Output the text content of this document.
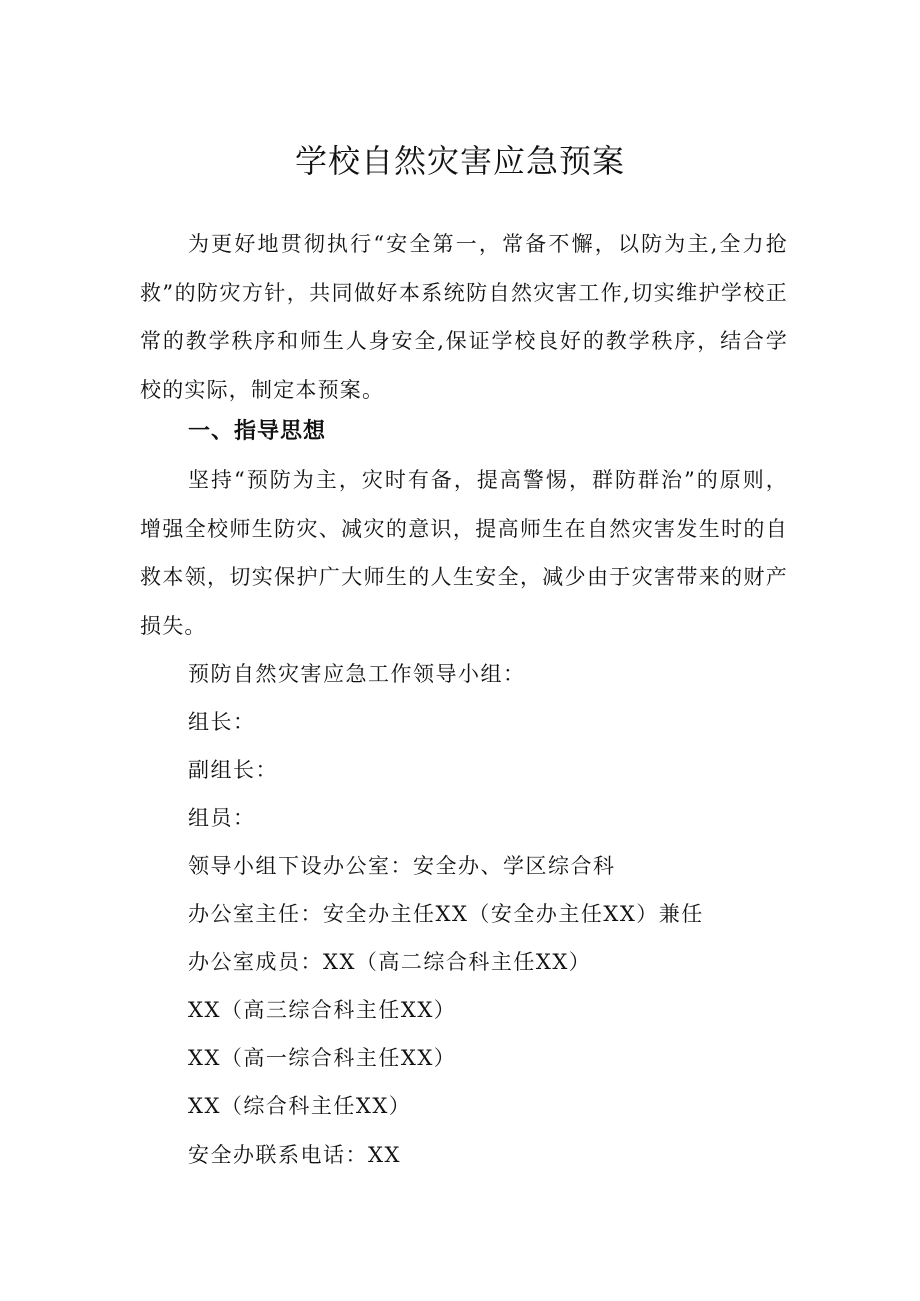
学校自然灾害应急预案

为更好地贯彻执行“安全第一，常备不懈，以防为主,全力抢救”的防灾方针，共同做好本系统防自然灾害工作,切实维护学校正常的教学秩序和师生人身安全,保证学校良好的教学秩序，结合学校的实际，制定本预案。

一、指导思想

坚持“预防为主，灾时有备，提高警惕，群防群治”的原则，增强全校师生防灾、减灾的意识，提高师生在自然灾害发生时的自救本领，切实保护广大师生的人生安全，减少由于灾害带来的财产损失。

预防自然灾害应急工作领导小组：
组长：
副组长：
组员：
领导小组下设办公室：安全办、学区综合科
办公室主任：安全办主任XX（安全办主任XX）兼任
办公室成员：XX（高二综合科主任XX）
XX（高三综合科主任XX）
XX（高一综合科主任XX）
XX（综合科主任XX）
安全办联系电话：XX
